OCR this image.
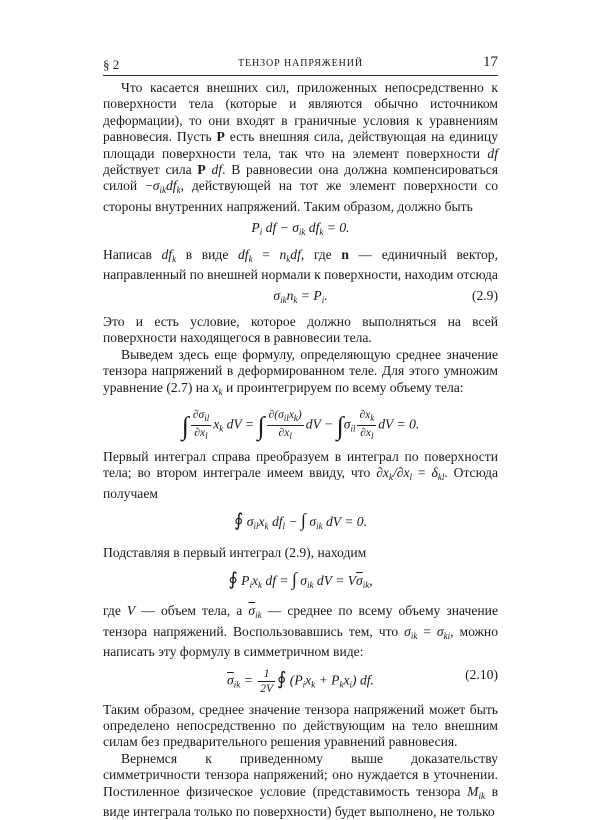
§ 2	ТЕНЗОР НАПРЯЖЕНИЙ	17

Что касается внешних сил, приложенных непосредственно к поверхности тела (которые и являются обычно источником деформации), то они входят в граничные условия к уравнениям равновесия. Пусть P есть внешняя сила, действующая на единицу площади поверхности тела, так что на элемент поверхности df действует сила P df. В равновесии она должна компенсироваться силой $-\sigma_{ik}df_k$, действующей на тот же элемент поверхности со стороны внутренних напряжений. Таким образом, должно быть

$P_i$ df − $\sigma_{ik}$ $df_k = 0$.

Написав $df_k$ в виде $df_k = n_kdf$, где n — единичный вектор, направленный по внешней нормали к поверхности, находим отсюда

$\sigma_{ik}n_k = P_i$.	(2.9)

Это и есть условие, которое должно выполняться на всей поверхности находящегося в равновесии тела.

Выведем здесь еще формулу, определяющую среднее значение тензора напряжений в деформированном теле. Для этого умножим уравнение (2.7) на $x_k$ и проинтегрируем по всему объему тела:

∫ $\frac{\partial\sigma_{il}}{\partial x_l} x_k$ dV = ∫ $\frac{\partial(\sigma_{il}x_k)}{\partial x_l}$ dV − $\int\sigma_{il} \frac{\partial x_k}{\partial x_l}$ dV = 0.

Первый интеграл справа преобразуем в интеграл по поверхности тела; во втором интеграле имеем ввиду, что $\partial x_k/\partial x_l = \delta_{kl}$. Отсюда получаем

∮ $\sigma_{il}x_k$ $df_l$ − ∫ $\sigma_{ik}$ dV = 0.

Подставляя в первый интеграл (2.9), находим

∮ $P_ix_k$ df = ∫ $\sigma_{ik}$ dV = $V\overline{\sigma}_{ik}$,

где V — объем тела, а $\overline{\sigma}_{ik}$ — среднее по всему объему значение тензора напряжений. Воспользовавшись тем, что $\sigma_{ik} = \sigma_{ki}$, можно написать эту формулу в симметричном виде:

$\overline{\sigma}_{ik} = \frac{1}{2V}$ ∮ $(P_ix_k + P_kx_i)$ df.	(2.10)

Таким образом, среднее значение тензора напряжений может быть определено непосредственно по действующим на тело внешним силам без предварительного решения уравнений равновесия.

Вернемся к приведенному выше доказательству симметричности тензора напряжений; оно нуждается в уточнении. Постиленное физическое условие (представимость тензора $M_{ik}$ в виде интеграла только по поверхности) будет выполнено, не только
